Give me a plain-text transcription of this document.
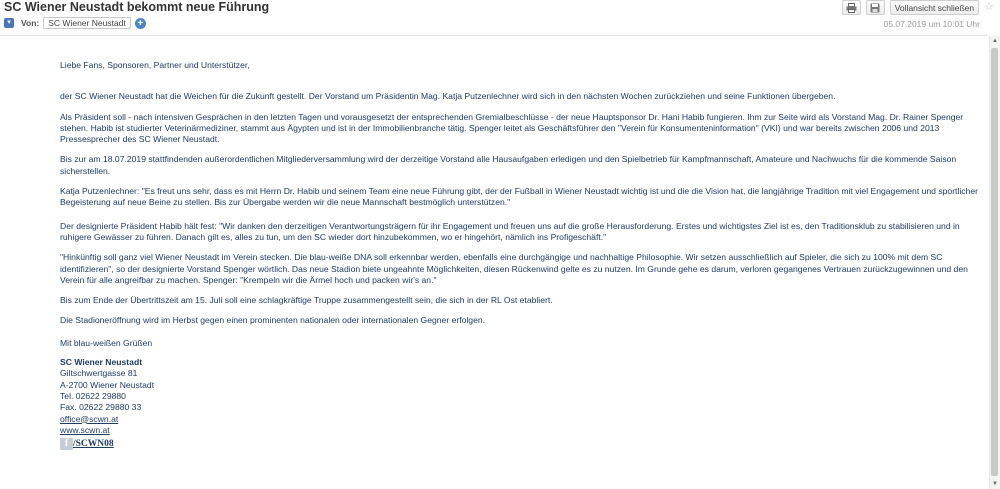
SC Wiener Neustadt bekommt neue Führung	Vollansicht schließen ☆
▾	Von:	SC Wiener Neustadt	+	05.07.2019 um 10:01 Uhr
▲
▼

Liebe Fans, Sponsoren, Partner und Unterstützer,

der SC Wiener Neustadt hat die Weichen für die Zukunft gestellt. Der Vorstand um Präsidentin Mag. Katja Putzenlechner wird sich in den nächsten Wochen zurückziehen und seine Funktionen übergeben.

Als Präsident soll - nach intensiven Gesprächen in den letzten Tagen und vorausgesetzt der entsprechenden Gremialbeschlüsse - der neue Hauptsponsor Dr. Hani Habib fungieren. Ihm zur Seite wird als Vorstand Mag. Dr. Rainer Spenger stehen. Habib ist studierter Veterinärmediziner, stammt aus Ägypten und ist in der Immobilienbranche tätig. Spenger leitet als Geschäftsführer den "Verein für Konsumenteninformation" (VKI) und war bereits zwischen 2006 und 2013 Pressesprecher des SC Wiener Neustadt.

Bis zur am 18.07.2019 stattfindenden außerordentlichen Mitgliederversammlung wird der derzeitige Vorstand alle Hausaufgaben erledigen und den Spielbetrieb für Kampfmannschaft, Amateure und Nachwuchs für die kommende Saison sicherstellen.

Katja Putzenlechner: "Es freut uns sehr, dass es mit Herrn Dr. Habib und seinem Team eine neue Führung gibt, der der Fußball in Wiener Neustadt wichtig ist und die die Vision hat, die langjährige Tradition mit viel Engagement und sportlicher Begeisterung auf neue Beine zu stellen. Bis zur Übergabe werden wir die neue Mannschaft bestmöglich unterstützen."

Der designierte Präsident Habib hält fest: "Wir danken den derzeitigen Verantwortungsträgern für ihr Engagement und freuen uns auf die große Herausforderung. Erstes und wichtigstes Ziel ist es, den Traditionsklub zu stabilisieren und in ruhigere Gewässer zu führen. Danach gilt es, alles zu tun, um den SC wieder dort hinzubekommen, wo er hingehört, nämlich ins Profigeschäft."

"Hinkünftig soll ganz viel Wiener Neustadt im Verein stecken. Die blau-weiße DNA soll erkennbar werden, ebenfalls eine durchgängige und nachhaltige Philosophie. Wir setzen ausschließlich auf Spieler, die sich zu 100% mit dem SC identifizieren", so der designierte Vorstand Spenger wörtlich. Das neue Stadion biete ungeahnte Möglichkeiten, diesen Rückenwind gelte es zu nutzen. Im Grunde gehe es darum, verloren gegangenes Vertrauen zurückzugewinnen und den Verein für alle angreifbar zu machen. Spenger: "Krempeln wir die Ärmel hoch und packen wir's an."

Bis zum Ende der Übertrittszeit am 15. Juli soll eine schlagkräftige Truppe zusammengestellt sein, die sich in der RL Ost etabliert.

Die Stadioneröffnung wird im Herbst gegen einen prominenten nationalen oder internationalen Gegner erfolgen.

Mit blau-weißen Grüßen

SC Wiener Neustadt
Giltschwertgasse 81
A-2700 Wiener Neustadt
Tel. 02622 29880
Fax. 02622 29880 33
office@scwn.at
www.scwn.at
f /SCWN08
